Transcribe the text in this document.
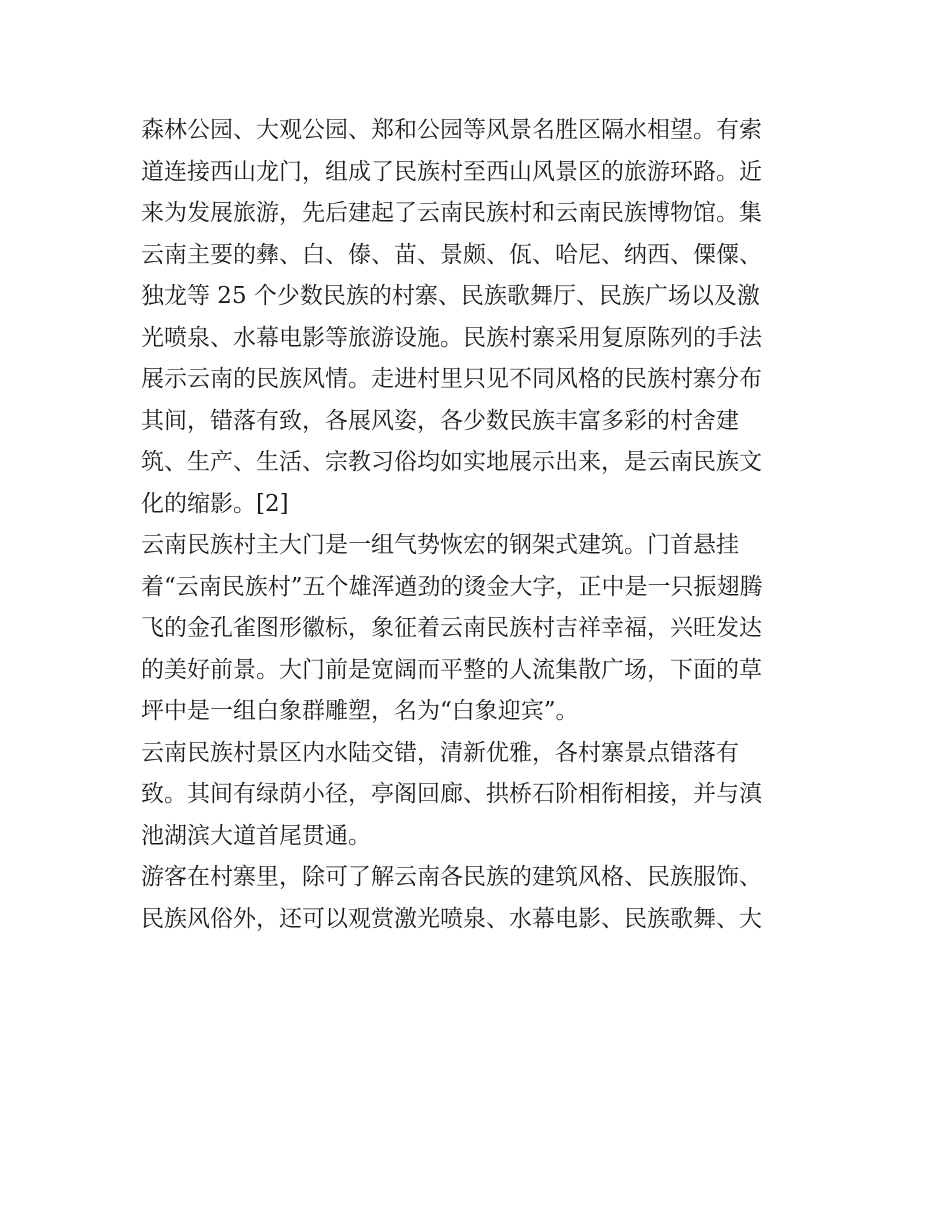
森林公园、大观公园、郑和公园等风景名胜区隔水相望。有索
道连接西山龙门，组成了民族村至西山风景区的旅游环路。近
来为发展旅游，先后建起了云南民族村和云南民族博物馆。集
云南主要的彝、白、傣、苗、景颇、佤、哈尼、纳西、傈僳、
独龙等 25 个少数民族的村寨、民族歌舞厅、民族广场以及激
光喷泉、水幕电影等旅游设施。民族村寨采用复原陈列的手法
展示云南的民族风情。走进村里只见不同风格的民族村寨分布
其间，错落有致，各展风姿，各少数民族丰富多彩的村舍建
筑、生产、生活、宗教习俗均如实地展示出来，是云南民族文
化的缩影。[2]
云南民族村主大门是一组气势恢宏的钢架式建筑。门首悬挂
着“云南民族村”五个雄浑遒劲的烫金大字，正中是一只振翅腾
飞的金孔雀图形徽标，象征着云南民族村吉祥幸福，兴旺发达
的美好前景。大门前是宽阔而平整的人流集散广场，下面的草
坪中是一组白象群雕塑，名为“白象迎宾”。
云南民族村景区内水陆交错，清新优雅，各村寨景点错落有
致。其间有绿荫小径，亭阁回廊、拱桥石阶相衔相接，并与滇
池湖滨大道首尾贯通。
游客在村寨里，除可了解云南各民族的建筑风格、民族服饰、
民族风俗外，还可以观赏激光喷泉、水幕电影、民族歌舞、大
